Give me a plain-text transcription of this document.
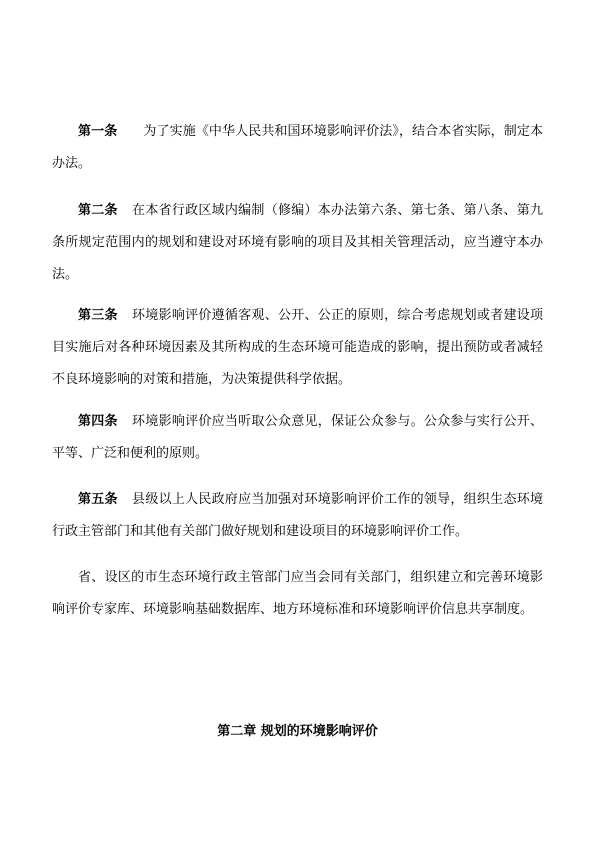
第一条 为了实施《中华人民共和国环境影响评价法》，结合本省实际，制定本办法。

第二条 在本省行政区域内编制（修编）本办法第六条、第七条、第八条、第九条所规定范围内的规划和建设对环境有影响的项目及其相关管理活动，应当遵守本办法。

第三条 环境影响评价遵循客观、公开、公正的原则，综合考虑规划或者建设项目实施后对各种环境因素及其所构成的生态环境可能造成的影响，提出预防或者减轻不良环境影响的对策和措施，为决策提供科学依据。

第四条 环境影响评价应当听取公众意见，保证公众参与。公众参与实行公开、平等、广泛和便利的原则。

第五条 县级以上人民政府应当加强对环境影响评价工作的领导，组织生态环境行政主管部门和其他有关部门做好规划和建设项目的环境影响评价工作。

省、设区的市生态环境行政主管部门应当会同有关部门，组织建立和完善环境影响评价专家库、环境影响基础数据库、地方环境标准和环境影响评价信息共享制度。

第二章 规划的环境影响评价
